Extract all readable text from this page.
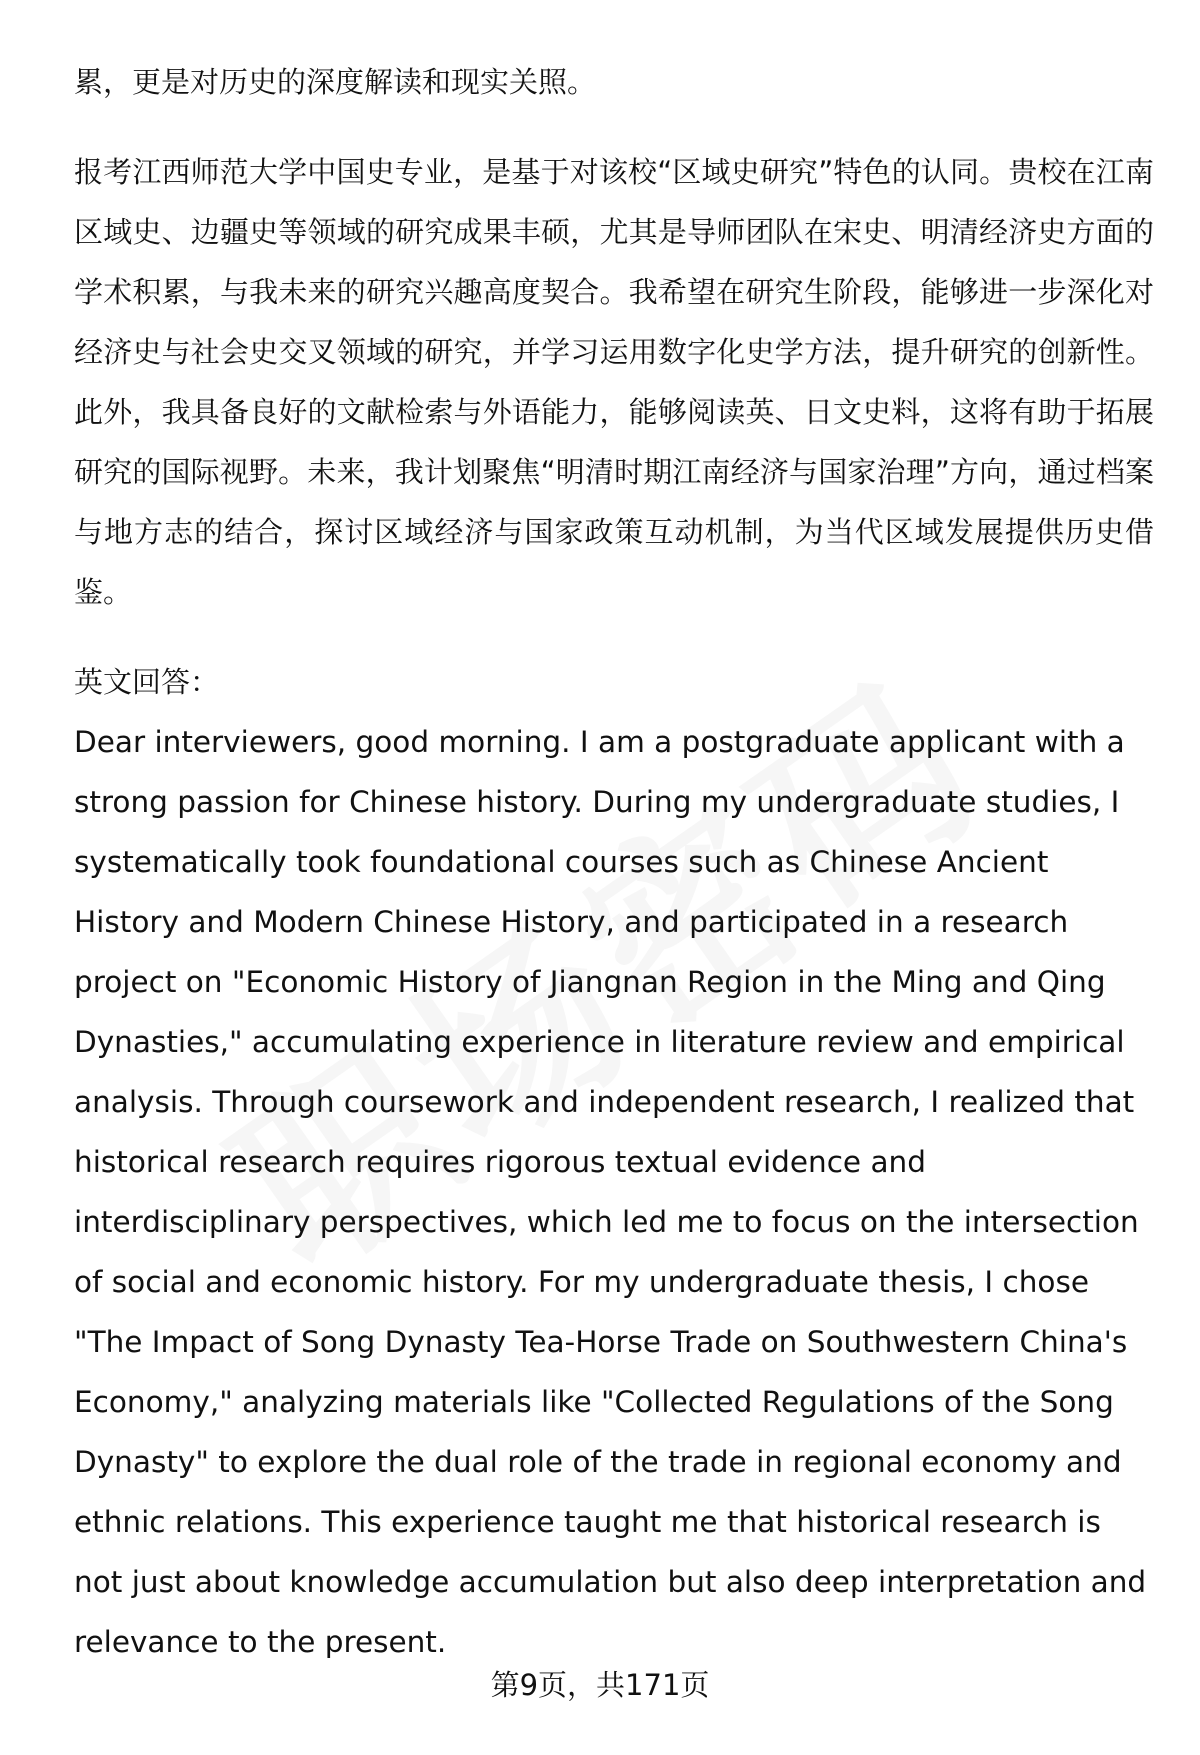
累，更是对历史的深度解读和现实关照。

报考江西师范大学中国史专业，是基于对该校“区域史研究”特色的认同。贵校在江南区域史、边疆史等领域的研究成果丰硕，尤其是导师团队在宋史、明清经济史方面的学术积累，与我未来的研究兴趣高度契合。我希望在研究生阶段，能够进一步深化对经济史与社会史交叉领域的研究，并学习运用数字化史学方法，提升研究的创新性。此外，我具备良好的文献检索与外语能力，能够阅读英、日文史料，这将有助于拓展研究的国际视野。未来，我计划聚焦“明清时期江南经济与国家治理”方向，通过档案与地方志的结合，探讨区域经济与国家政策互动机制，为当代区域发展提供历史借鉴。

英文回答：

Dear interviewers, good morning. I am a postgraduate applicant with a strong passion for Chinese history. During my undergraduate studies, I systematically took foundational courses such as Chinese Ancient History and Modern Chinese History, and participated in a research project on "Economic History of Jiangnan Region in the Ming and Qing Dynasties," accumulating experience in literature review and empirical analysis. Through coursework and independent research, I realized that historical research requires rigorous textual evidence and interdisciplinary perspectives, which led me to focus on the intersection of social and economic history. For my undergraduate thesis, I chose "The Impact of Song Dynasty Tea-Horse Trade on Southwestern China's Economy," analyzing materials like "Collected Regulations of the Song Dynasty" to explore the dual role of the trade in regional economy and ethnic relations. This experience taught me that historical research is not just about knowledge accumulation but also deep interpretation and relevance to the present.

第9页，共171页
